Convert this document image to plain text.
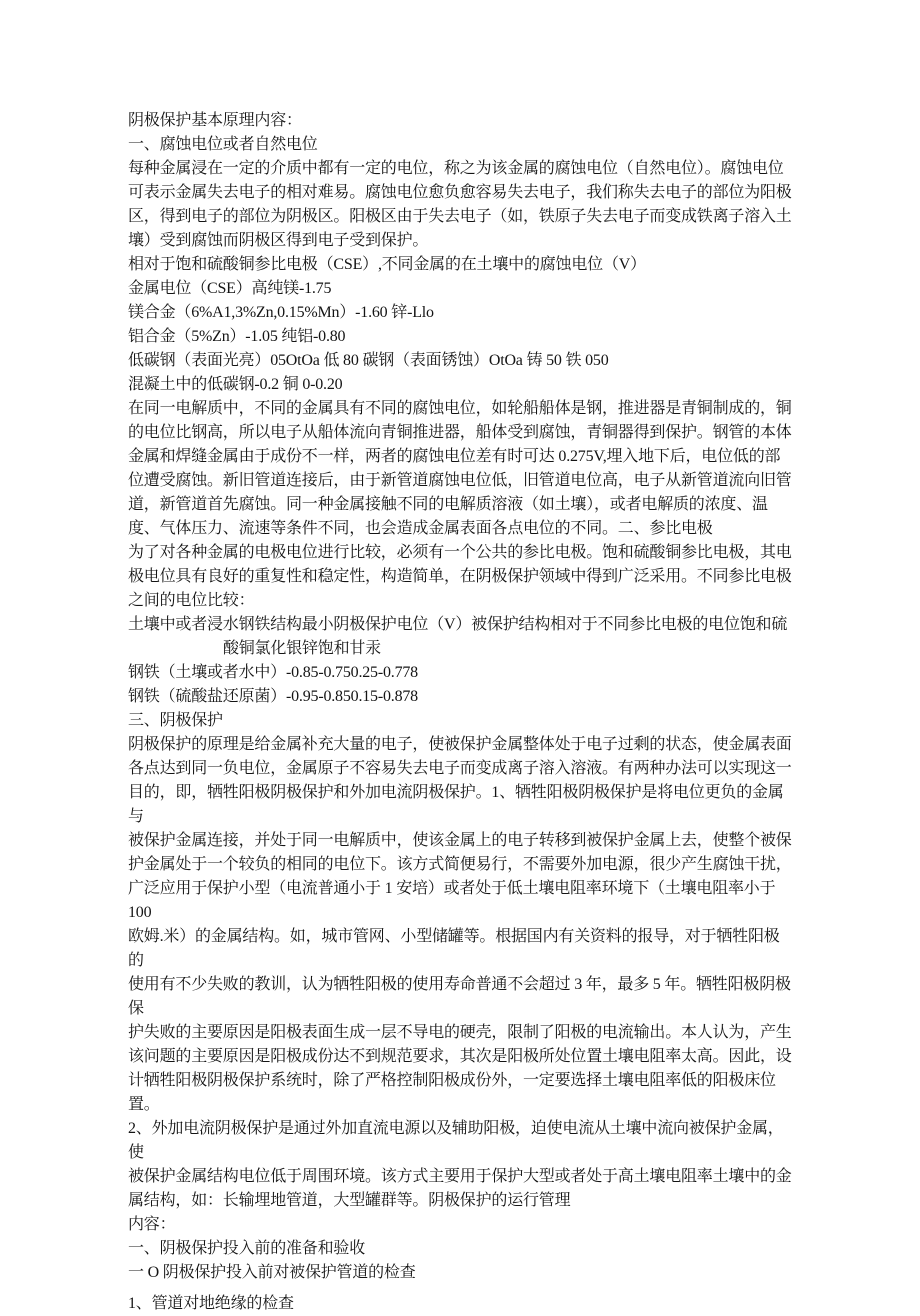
阴极保护基本原理内容：
一、腐蚀电位或者自然电位
每种金属浸在一定的介质中都有一定的电位，称之为该金属的腐蚀电位（自然电位）。腐蚀电位
可表示金属失去电子的相对难易。腐蚀电位愈负愈容易失去电子，我们称失去电子的部位为阳极
区，得到电子的部位为阴极区。阳极区由于失去电子（如，铁原子失去电子而变成铁离子溶入土
壤）受到腐蚀而阴极区得到电子受到保护。
相对于饱和硫酸铜参比电极（CSE）,不同金属的在土壤中的腐蚀电位（V）
金属电位（CSE）高纯镁-1.75
镁合金（6%A1,3%Zn,0.15%Mn）-1.60 锌-Llo
铝合金（5%Zn）-1.05 纯铝-0.80
低碳钢（表面光亮）05OtOa 低 80 碳钢（表面锈蚀）OtOa 铸 50 铁 050
混凝土中的低碳钢-0.2 铜 0-0.20
在同一电解质中，不同的金属具有不同的腐蚀电位，如轮船船体是钢，推进器是青铜制成的，铜
的电位比钢高，所以电子从船体流向青铜推进器，船体受到腐蚀，青铜器得到保护。钢管的本体
金属和焊缝金属由于成份不一样，两者的腐蚀电位差有时可达 0.275V,埋入地下后，电位低的部
位遭受腐蚀。新旧管道连接后，由于新管道腐蚀电位低，旧管道电位高，电子从新管道流向旧管
道，新管道首先腐蚀。同一种金属接触不同的电解质溶液（如土壤），或者电解质的浓度、温
度、气体压力、流速等条件不同，也会造成金属表面各点电位的不同。二、参比电极
为了对各种金属的电极电位进行比较，必须有一个公共的参比电极。饱和硫酸铜参比电极，其电
极电位具有良好的重复性和稳定性，构造简单，在阴极保护领域中得到广泛采用。不同参比电极
之间的电位比较：
土壤中或者浸水钢铁结构最小阴极保护电位（V）被保护结构相对于不同参比电极的电位饱和硫
酸铜氯化银锌饱和甘汞
钢铁（土壤或者水中）-0.85-0.750.25-0.778
钢铁（硫酸盐还原菌）-0.95-0.850.15-0.878
三、阴极保护
阴极保护的原理是给金属补充大量的电子，使被保护金属整体处于电子过剩的状态，使金属表面
各点达到同一负电位，金属原子不容易失去电子而变成离子溶入溶液。有两种办法可以实现这一
目的，即，牺牲阳极阴极保护和外加电流阴极保护。1、牺牲阳极阴极保护是将电位更负的金属与
被保护金属连接，并处于同一电解质中，使该金属上的电子转移到被保护金属上去，使整个被保
护金属处于一个较负的相同的电位下。该方式简便易行，不需要外加电源，很少产生腐蚀干扰，
广泛应用于保护小型（电流普通小于 1 安培）或者处于低土壤电阻率环境下（土壤电阻率小于 100
欧姆.米）的金属结构。如，城市管网、小型储罐等。根据国内有关资料的报导，对于牺牲阳极的
使用有不少失败的教训，认为牺牲阳极的使用寿命普通不会超过 3 年，最多 5 年。牺牲阳极阴极保
护失败的主要原因是阳极表面生成一层不导电的硬壳，限制了阳极的电流输出。本人认为，产生
该问题的主要原因是阳极成份达不到规范要求，其次是阳极所处位置土壤电阻率太高。因此，设
计牺牲阳极阴极保护系统时，除了严格控制阳极成份外，一定要选择土壤电阻率低的阳极床位置。
2、外加电流阴极保护是通过外加直流电源以及辅助阳极，迫使电流从土壤中流向被保护金属，使
被保护金属结构电位低于周围环境。该方式主要用于保护大型或者处于高土壤电阻率土壤中的金
属结构，如：长输埋地管道，大型罐群等。阴极保护的运行管理
内容：
一、阴极保护投入前的准备和验收
一 O 阴极保护投入前对被保护管道的检查
1、管道对地绝缘的检查
